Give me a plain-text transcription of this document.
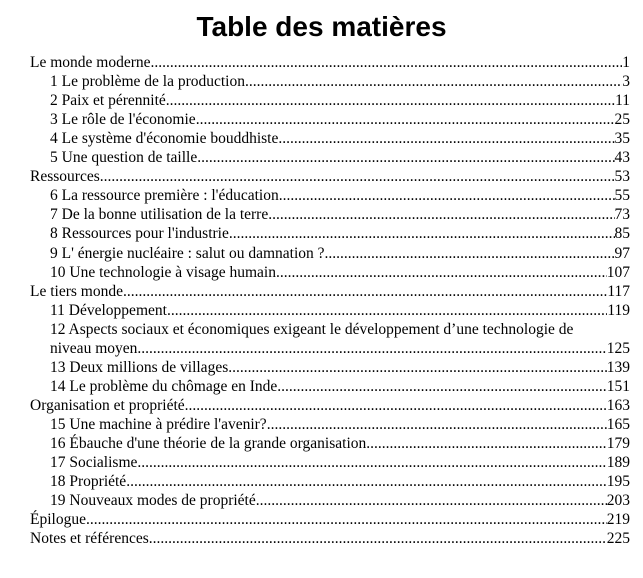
Table des matières
Le monde moderne .....	1
1 Le problème de la production .....	3
2 Paix et pérennité .....	11
3 Le rôle de l'économie .....	25
4 Le système d'économie bouddhiste .....	35
5 Une question de taille .....	43
Ressources .....	53
6 La ressource première : l'éducation .....	55
7 De la bonne utilisation de la terre .....	73
8 Ressources pour l'industrie .....	85
9 L' énergie nucléaire : salut ou damnation ? .....	97
10 Une technologie à visage humain .....	107
Le tiers monde .....	117
11 Développement .....	119
12 Aspects sociaux et économiques exigeant le développement d’une technologie de
niveau moyen .....	125
13 Deux millions de villages .....	139
14 Le problème du chômage en Inde .....	151
Organisation et propriété .....	163
15 Une machine à prédire l'avenir? .....	165
16 Ébauche d'une théorie de la grande organisation .....	179
17 Socialisme .....	189
18 Propriété .....	195
19 Nouveaux modes de propriété .....	203
Épilogue .....	219
Notes et références .....	225
